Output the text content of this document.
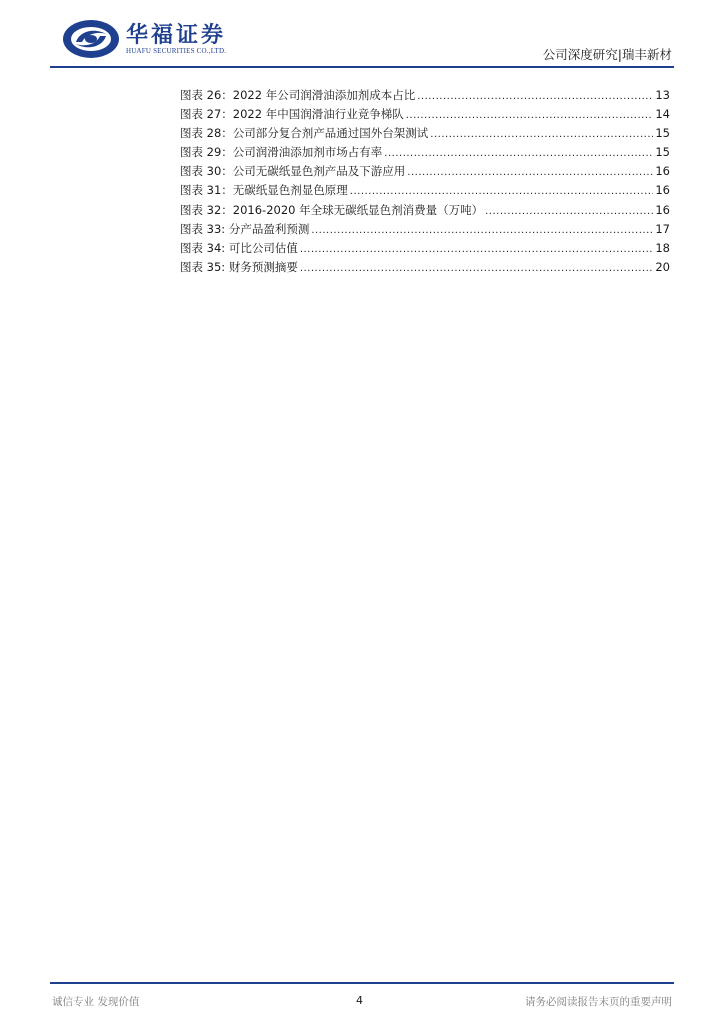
华福证券
HUAFU SECURITIES CO.,LTD.	公司深度研究|瑞丰新材
图表 26：2022 年公司润滑油添加剂成本占比 .....	13
图表 27：2022 年中国润滑油行业竞争梯队 .....	14
图表 28：公司部分复合剂产品通过国外台架测试 .....	15
图表 29：公司润滑油添加剂市场占有率 .....	15
图表 30：公司无碳纸显色剂产品及下游应用 .....	16
图表 31：无碳纸显色剂显色原理 .....	16
图表 32：2016-2020 年全球无碳纸显色剂消费量（万吨） .....	16
图表 33: 分产品盈利预测 .....	17
图表 34: 可比公司估值 .....	18
图表 35: 财务预测摘要 .....	20
诚信专业 发现价值	4	请务必阅读报告末页的重要声明
